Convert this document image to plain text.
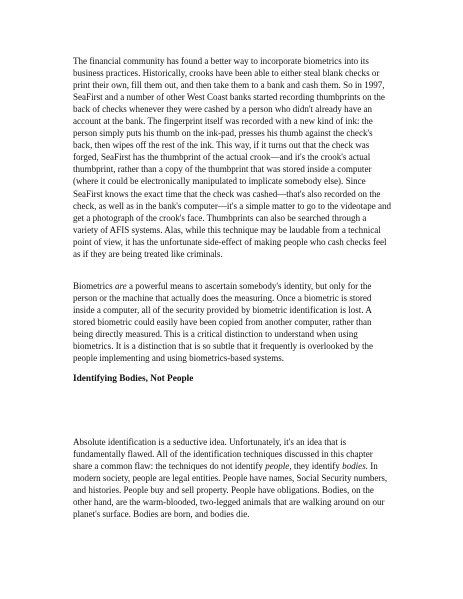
The financial community has found a better way to incorporate biometrics into its
business practices. Historically, crooks have been able to either steal blank checks or
print their own, fill them out, and then take them to a bank and cash them. So in 1997,
SeaFirst and a number of other West Coast banks started recording thumbprints on the
back of checks whenever they were cashed by a person who didn't already have an
account at the bank. The fingerprint itself was recorded with a new kind of ink: the
person simply puts his thumb on the ink-pad, presses his thumb against the check's
back, then wipes off the rest of the ink. This way, if it turns out that the check was
forged, SeaFirst has the thumbprint of the actual crook—and it's the crook's actual
thumbprint, rather than a copy of the thumbprint that was stored inside a computer
(where it could be electronically manipulated to implicate somebody else). Since
SeaFirst knows the exact time that the check was cashed—that's also recorded on the
check, as well as in the bank's computer—it's a simple matter to go to the videotape and
get a photograph of the crook's face. Thumbprints can also be searched through a
variety of AFIS systems. Alas, while this technique may be laudable from a technical
point of view, it has the unfortunate side-effect of making people who cash checks feel
as if they are being treated like criminals.

Biometrics are a powerful means to ascertain somebody's identity, but only for the
person or the machine that actually does the measuring. Once a biometric is stored
inside a computer, all of the security provided by biometric identification is lost. A
stored biometric could easily have been copied from another computer, rather than
being directly measured. This is a critical distinction to understand when using
biometrics. It is a distinction that is so subtle that it frequently is overlooked by the
people implementing and using biometrics-based systems.

Identifying Bodies, Not People

Absolute identification is a seductive idea. Unfortunately, it's an idea that is
fundamentally flawed. All of the identification techniques discussed in this chapter
share a common flaw: the techniques do not identify people, they identify bodies. In
modern society, people are legal entities. People have names, Social Security numbers,
and histories. People buy and sell property. People have obligations. Bodies, on the
other hand, are the warm-blooded, two-legged animals that are walking around on our
planet's surface. Bodies are born, and bodies die.
